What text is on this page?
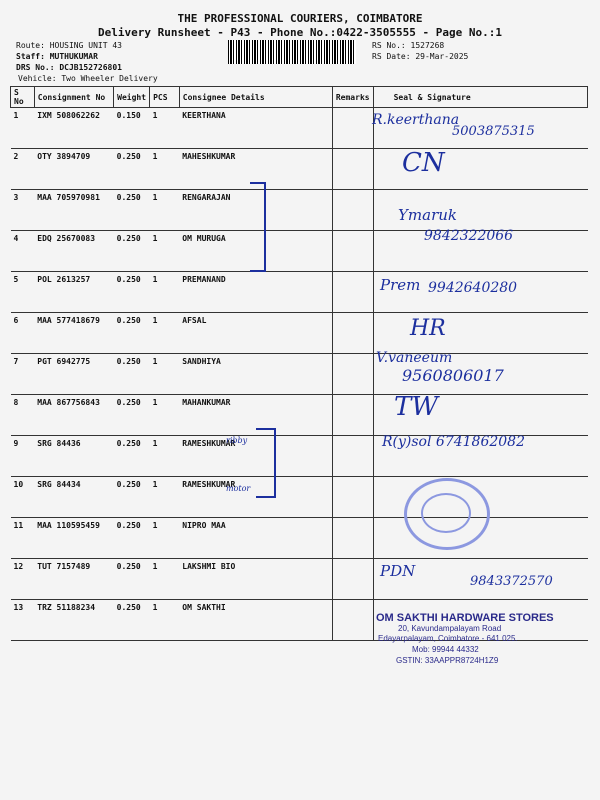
THE PROFESSIONAL COURIERS, COIMBATORE
Delivery Runsheet - P43 - Phone No.:0422-3505555 - Page No.:1
Route: HOUSING UNIT 43
Staff: MUTHUKUMAR
DRS No.: DCJB152726801
Vehicle: Two Wheeler Delivery
RS No.: 1527268
RS Date: 29-Mar-2025
S No	Consignment No	Weight	PCS	Consignee Details	Remarks	Seal & Signature
1	IXM 508062262	0.150	1	KEERTHANA		
2	OTY 3894709	0.250	1	MAHESHKUMAR		
3	MAA 705970981	0.250	1	RENGARAJAN		
4	EDQ 25670083	0.250	1	OM MURUGA		
5	POL 2613257	0.250	1	PREMANAND		
6	MAA 577418679	0.250	1	AFSAL		
7	PGT 6942775	0.250	1	SANDHIYA		
8	MAA 867756843	0.250	1	MAHANKUMAR		
9	SRG 84436	0.250	1	RAMESHKUMAR		
10	SRG 84434	0.250	1	RAMESHKUMAR		
11	MAA 110595459	0.250	1	NIPRO MAA		
12	TUT 7157489	0.250	1	LAKSHMI BIO		
13	TRZ 51188234	0.250	1	OM SAKTHI		
R.keerthana
5003875315
CN
Ymaruk
9842322066
Prem 9942640280
HR
V.vaneeum
9560806017
TW
R(y)sol 6741862082
PDN
9843372570
ribby
motor
OM SAKTHI HARDWARE STORES
20, Kavundampalayam Road
Edayarpalayam, Coimbatore - 641 025.
Mob: 99944 44332
GSTIN: 33AAPPR8724H1Z9
